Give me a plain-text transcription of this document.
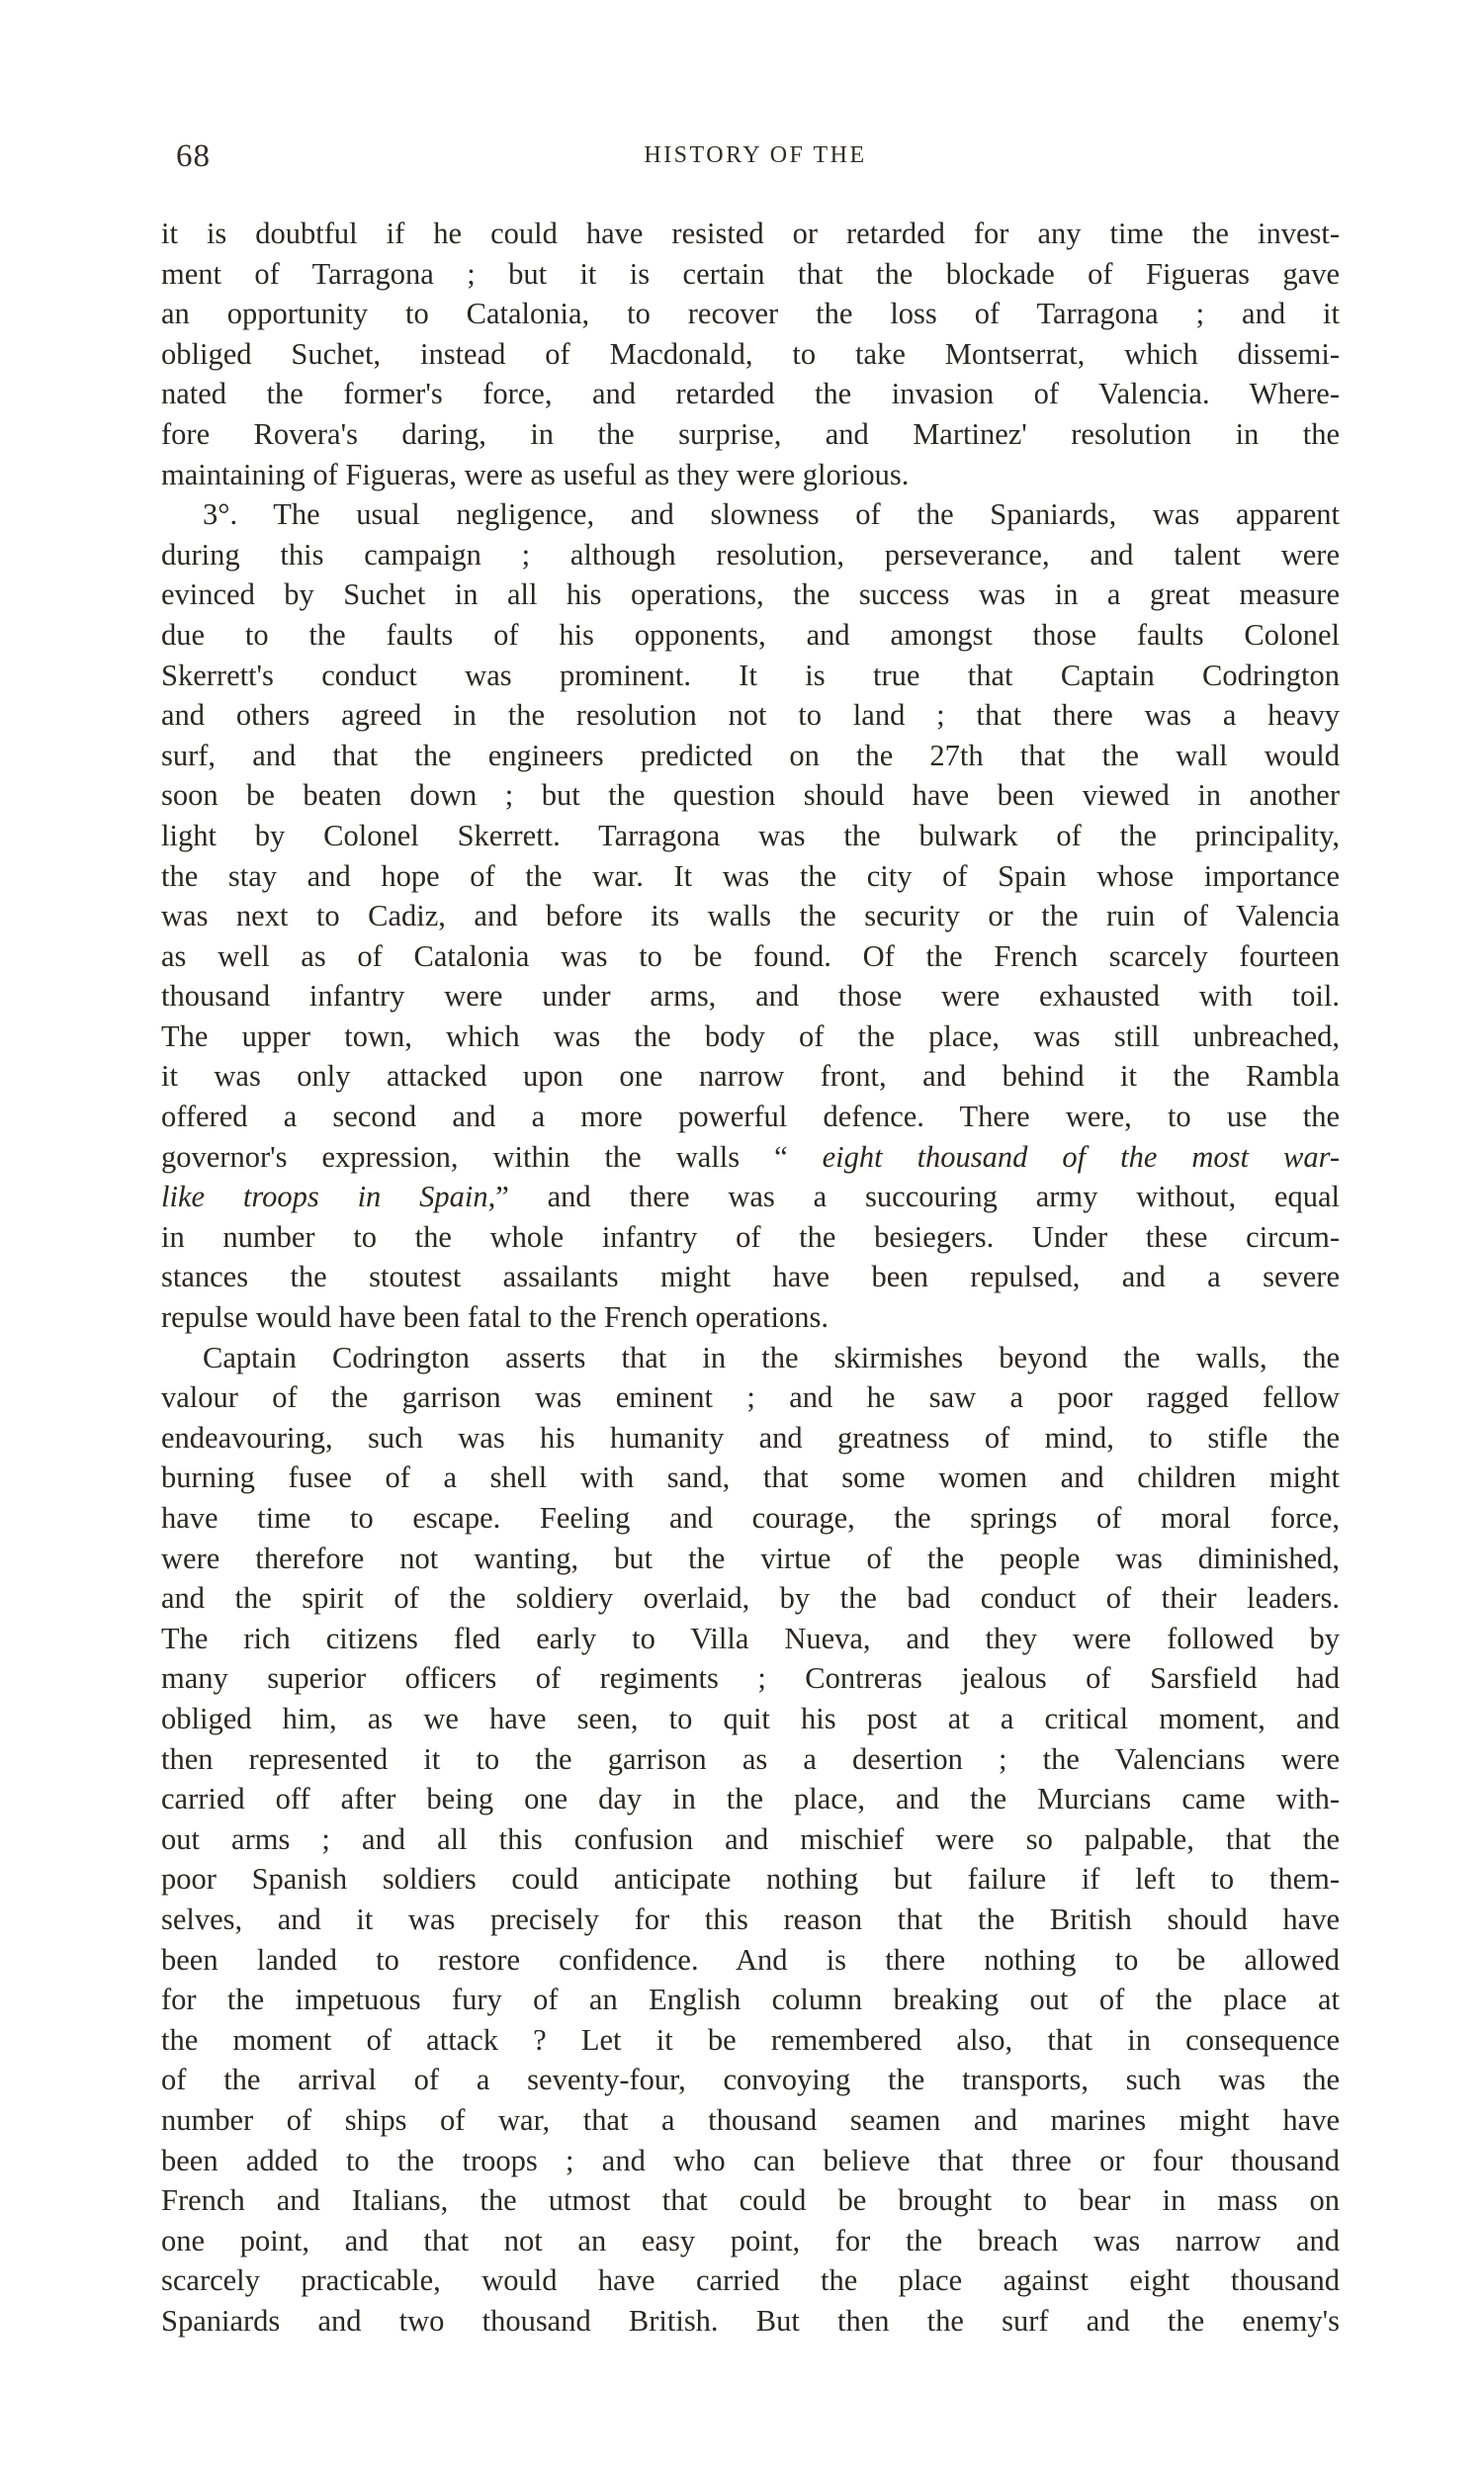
68	HISTORY OF THE
it is doubtful if he could have resisted or retarded for any time the invest-
ment of Tarragona ; but it is certain that the blockade of Figueras gave
an opportunity to Catalonia, to recover the loss of Tarragona ; and it
obliged Suchet, instead of Macdonald, to take Montserrat, which dissemi-
nated the former's force, and retarded the invasion of Valencia. Where-
fore Rovera's daring, in the surprise, and Martinez' resolution in the
maintaining of Figueras, were as useful as they were glorious.
3°. The usual negligence, and slowness of the Spaniards, was apparent
during this campaign ; although resolution, perseverance, and talent were
evinced by Suchet in all his operations, the success was in a great measure
due to the faults of his opponents, and amongst those faults Colonel
Skerrett's conduct was prominent. It is true that Captain Codrington
and others agreed in the resolution not to land ; that there was a heavy
surf, and that the engineers predicted on the 27th that the wall would
soon be beaten down ; but the question should have been viewed in another
light by Colonel Skerrett. Tarragona was the bulwark of the principality,
the stay and hope of the war. It was the city of Spain whose importance
was next to Cadiz, and before its walls the security or the ruin of Valencia
as well as of Catalonia was to be found. Of the French scarcely fourteen
thousand infantry were under arms, and those were exhausted with toil.
The upper town, which was the body of the place, was still unbreached,
it was only attacked upon one narrow front, and behind it the Rambla
offered a second and a more powerful defence. There were, to use the
governor's expression, within the walls “ eight thousand of the most war-
like troops in Spain,” and there was a succouring army without, equal
in number to the whole infantry of the besiegers. Under these circum-
stances the stoutest assailants might have been repulsed, and a severe
repulse would have been fatal to the French operations.
Captain Codrington asserts that in the skirmishes beyond the walls, the
valour of the garrison was eminent ; and he saw a poor ragged fellow
endeavouring, such was his humanity and greatness of mind, to stifle the
burning fusee of a shell with sand, that some women and children might
have time to escape. Feeling and courage, the springs of moral force,
were therefore not wanting, but the virtue of the people was diminished,
and the spirit of the soldiery overlaid, by the bad conduct of their leaders.
The rich citizens fled early to Villa Nueva, and they were followed by
many superior officers of regiments ; Contreras jealous of Sarsfield had
obliged him, as we have seen, to quit his post at a critical moment, and
then represented it to the garrison as a desertion ; the Valencians were
carried off after being one day in the place, and the Murcians came with-
out arms ; and all this confusion and mischief were so palpable, that the
poor Spanish soldiers could anticipate nothing but failure if left to them-
selves, and it was precisely for this reason that the British should have
been landed to restore confidence. And is there nothing to be allowed
for the impetuous fury of an English column breaking out of the place at
the moment of attack ? Let it be remembered also, that in consequence
of the arrival of a seventy-four, convoying the transports, such was the
number of ships of war, that a thousand seamen and marines might have
been added to the troops ; and who can believe that three or four thousand
French and Italians, the utmost that could be brought to bear in mass on
one point, and that not an easy point, for the breach was narrow and
scarcely practicable, would have carried the place against eight thousand
Spaniards and two thousand British. But then the surf and the enemy's
